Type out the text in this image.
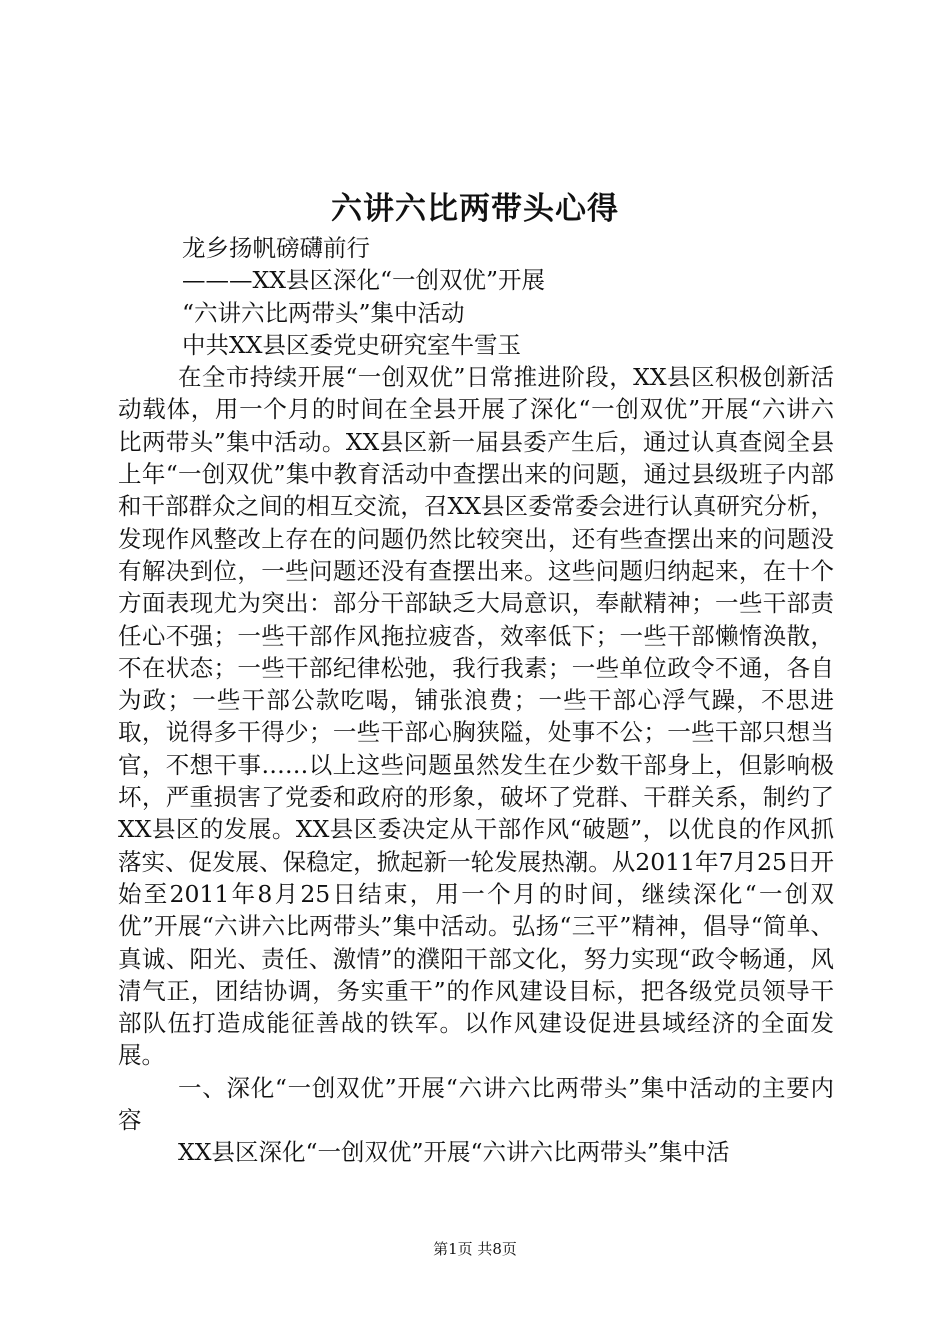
六讲六比两带头心得

龙乡扬帆磅礴前行

———XX县区深化“一创双优”开展

“六讲六比两带头”集中活动

中共XX县区委党史研究室牛雪玉

在全市持续开展“一创双优”日常推进阶段，XX县区积极创新活动载体，用一个月的时间在全县开展了深化“一创双优”开展“六讲六比两带头”集中活动。XX县区新一届县委产生后，通过认真查阅全县上年“一创双优”集中教育活动中查摆出来的问题，通过县级班子内部和干部群众之间的相互交流，召XX县区委常委会进行认真研究分析，发现作风整改上存在的问题仍然比较突出，还有些查摆出来的问题没有解决到位，一些问题还没有查摆出来。这些问题归纳起来，在十个方面表现尤为突出：部分干部缺乏大局意识，奉献精神；一些干部责任心不强；一些干部作风拖拉疲沓，效率低下；一些干部懒惰涣散，不在状态；一些干部纪律松弛，我行我素；一些单位政令不通，各自为政；一些干部公款吃喝，铺张浪费；一些干部心浮气躁，不思进取，说得多干得少；一些干部心胸狭隘，处事不公；一些干部只想当官，不想干事……以上这些问题虽然发生在少数干部身上，但影响极坏，严重损害了党委和政府的形象，破坏了党群、干群关系，制约了XX县区的发展。XX县区委决定从干部作风“破题”，以优良的作风抓落实、促发展、保稳定，掀起新一轮发展热潮。从2011年7月25日开始至2011年8月25日结束，用一个月的时间，继续深化“一创双优”开展“六讲六比两带头”集中活动。弘扬“三平”精神，倡导“简单、真诚、阳光、责任、激情”的濮阳干部文化，努力实现“政令畅通，风清气正，团结协调，务实重干”的作风建设目标，把各级党员领导干部队伍打造成能征善战的铁军。以作风建设促进县域经济的全面发展。

一、深化“一创双优”开展“六讲六比两带头”集中活动的主要内容

XX县区深化“一创双优”开展“六讲六比两带头”集中活

第1页 共8页
